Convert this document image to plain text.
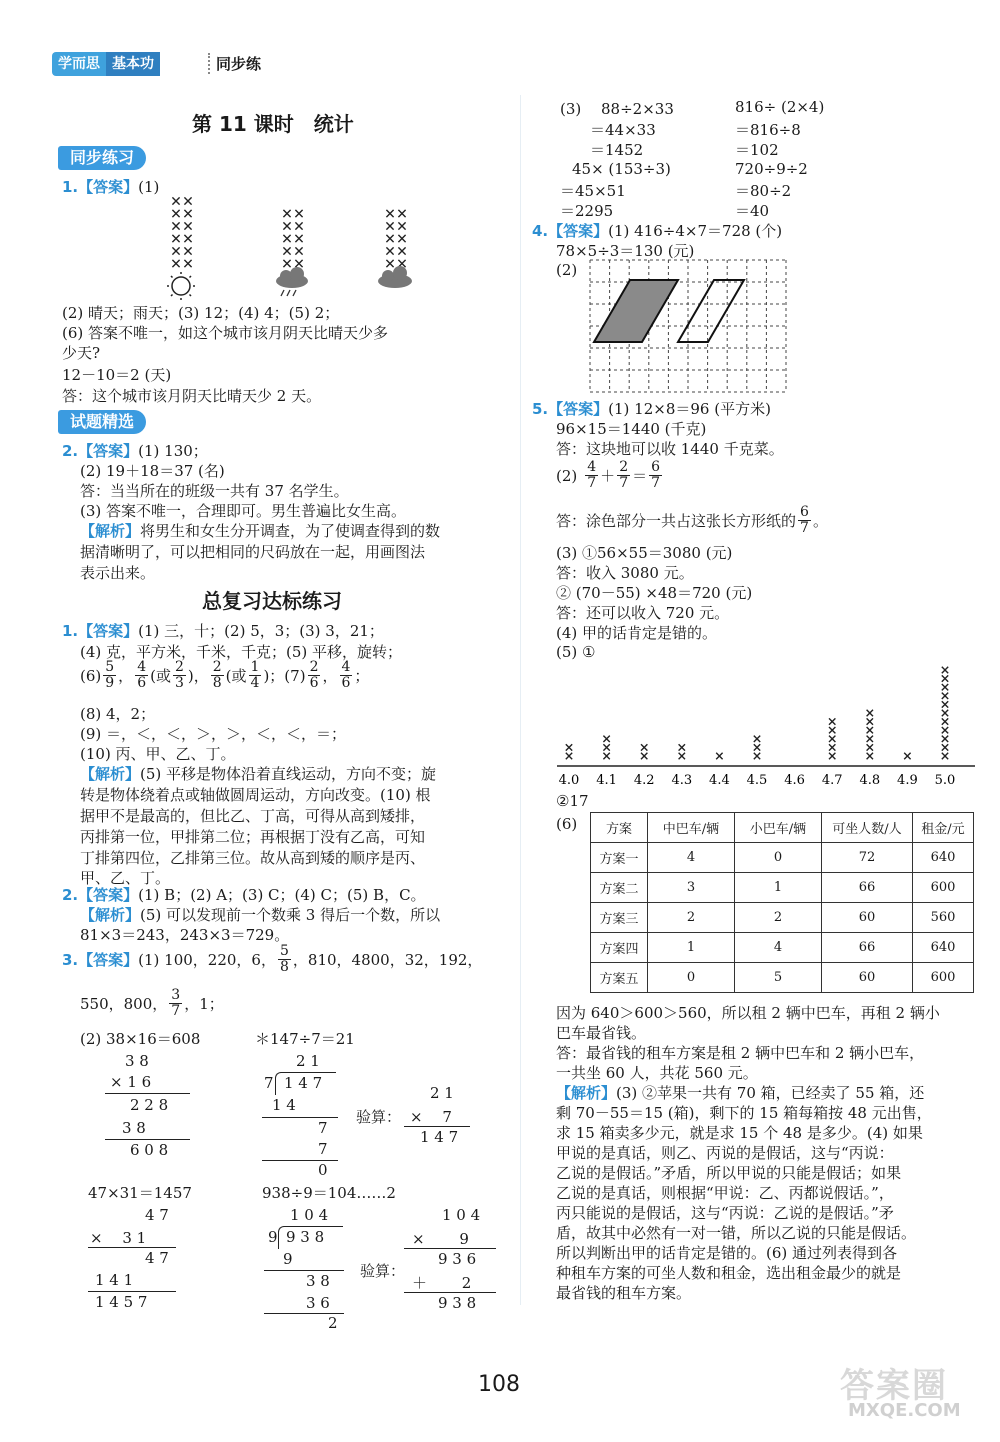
学而思 基本功	同步练
第 11 课时　统计
同步练习
1.【答案】(1)
(2) 晴天；雨天；(3) 12；(4) 4；(5) 2；
(6) 答案不唯一，如这个城市该月阴天比晴天少多
少天?
12－10＝2 (天)
答：这个城市该月阴天比晴天少 2 天。
试题精选
2.【答案】(1) 130；
(2) 19＋18＝37 (名)
答：当当所在的班级一共有 37 名学生。
(3) 答案不唯一，合理即可。男生普遍比女生高。
【解析】将男生和女生分开调查，为了使调查得到的数
据清晰明了，可以把相同的尺码放在一起，用画图法
表示出来。
总复习达标练习
1.【答案】(1) 三，十；(2) 5，3；(3) 3，21；
(4) 克，平方米，千米，千克；(5) 平移，旋转；
$(6) \frac{5}{9}$ ， $\frac{4}{6}$ (或 $\frac{2}{3}$ )， $\frac{2}{8}$ (或 $\frac{1}{4}$ )；$(7) \frac{2}{6}$ ， $\frac{4}{6}$ ；
(8) 4，2；
(9) ＝，＜，＜，＞，＞，＜，＜，＝；
(10) 丙、甲、乙、丁。
【解析】(5) 平移是物体沿着直线运动，方向不变；旋
转是物体绕着点或轴做圆周运动，方向改变。(10) 根
据甲不是最高的，但比乙、丁高，可得从高到矮排，
丙排第一位，甲排第二位；再根据丁没有乙高，可知
丁排第四位，乙排第三位。故从高到矮的顺序是丙、
甲、乙、丁。
2.【答案】(1) B；(2) A；(3) C；(4) C；(5) B，C。
【解析】(5) 可以发现前一个数乘 3 得后一个数，所以
81×3＝243，243×3＝729。
3. 【答案】 (1) 100，220，6， $\frac{5}{8}$ ，810，4800，32，192，
550，800， $\frac{3}{7}$ ，1；
(2) 38×16＝608	＊147÷7＝21
3 8
× 1 6
2 2 8
3 8
6 0 8
2 1
7 1 4 7
1 4
7
7
0
验算：
2 1
×　 7
1 4 7
47×31＝1457	938÷9＝104……2
4 7
×　 3 1
4 7
1 4 1
1 4 5 7
1 0 4
9 9 3 8
9
3 8
3 6
2
验算：
1 0 4
×　　 9
9 3 6
＋　　 2
9 3 8
(3)　 88÷2×33	816÷ (2×4)
＝44×33	＝816÷8
＝1452	＝102
45× (153÷3)	720÷9÷2
＝45×51	＝80÷2
＝2295	＝40
4.【答案】(1) 416÷4×7＝728 (个)
78×5÷3＝130 (元)
(2)
5.【答案】(1) 12×8＝96 (平方米)
96×15＝1440 (千克)
答：这块地可以收 1440 千克菜。
$(2) \frac{4}{7} + \frac{2}{7} = \frac{6}{7}$
答：涂色部分一共占这张长方形纸的 $\frac{6}{7}$ 。
(3) ①56×55＝3080 (元)
答：收入 3080 元。
② (70－55) ×48＝720 (元)
答：还可以收入 720 元。
(4) 甲的话肯定是错的。
(5) ①
4.0 4.1 4.2 4.3 4.4 4.5 4.6 4.7 4.8 4.9 5.0
②17
(6) 方案	中巴车/辆	小巴车/辆	可坐人数/人	租金/元
方案一	4	0	72	640
方案二	3	1	66	600
方案三	2	2	60	560
方案四	1	4	66	640
方案五	0	5	60	600
因为 640＞600＞560，所以租 2 辆中巴车，再租 2 辆小
巴车最省钱。
答：最省钱的租车方案是租 2 辆中巴车和 2 辆小巴车，
一共坐 60 人，共花 560 元。
【解析】(3) ②苹果一共有 70 箱，已经卖了 55 箱，还
剩 70－55＝15 (箱)，剩下的 15 箱每箱按 48 元出售，
求 15 箱卖多少元，就是求 15 个 48 是多少。(4) 如果
甲说的是真话，则乙、丙说的是假话，这与“丙说：
乙说的是假话。”矛盾，所以甲说的只能是假话；如果
乙说的是真话，则根据“甲说：乙、丙都说假话。”，
丙只能说的是假话，这与“丙说：乙说的是假话。”矛
盾，故其中必然有一对一错，所以乙说的只能是假话。
所以判断出甲的话肯定是错的。(6) 通过列表得到各
种租车方案的可坐人数和租金，选出租金最少的就是
最省钱的租车方案。
108	答案圈
MXQE.COM
